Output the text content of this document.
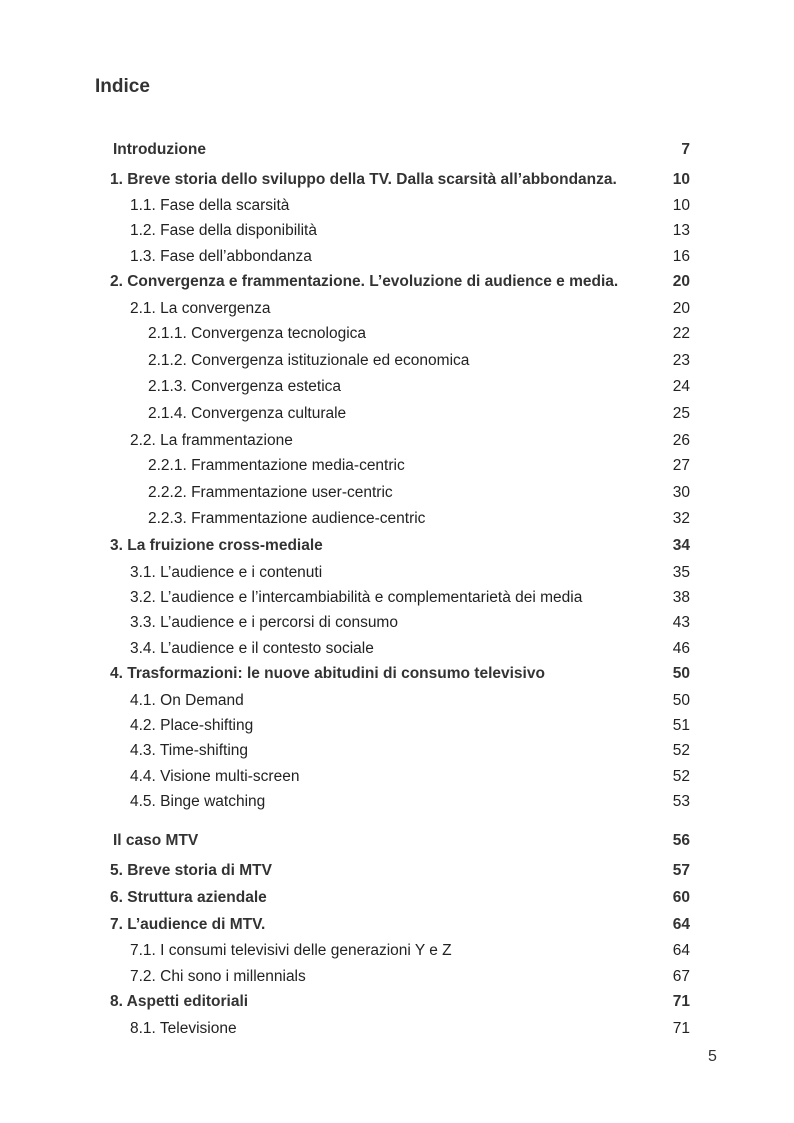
Indice
Introduzione	7
1. Breve storia dello sviluppo della TV. Dalla scarsità all’abbondanza.	10
1.1. Fase della scarsità	10
1.2. Fase della disponibilità	13
1.3. Fase dell’abbondanza	16
2. Convergenza e frammentazione. L’evoluzione di audience e media.	20
2.1. La convergenza	20
2.1.1. Convergenza tecnologica	22
2.1.2. Convergenza istituzionale ed economica	23
2.1.3. Convergenza estetica	24
2.1.4. Convergenza culturale	25
2.2. La frammentazione	26
2.2.1. Frammentazione media-centric	27
2.2.2. Frammentazione user-centric	30
2.2.3. Frammentazione audience-centric	32
3. La fruizione cross-mediale	34
3.1. L’audience e i contenuti	35
3.2. L’audience e l’intercambiabilità e complementarietà dei media	38
3.3. L’audience e i percorsi di consumo	43
3.4. L’audience e il contesto sociale	46
4. Trasformazioni: le nuove abitudini di consumo televisivo	50
4.1. On Demand	50
4.2. Place-shifting	51
4.3. Time-shifting	52
4.4. Visione multi-screen	52
4.5. Binge watching	53
Il caso MTV	56
5. Breve storia di MTV	57
6. Struttura aziendale	60
7. L’audience di MTV.	64
7.1. I consumi televisivi delle generazioni Y e Z	64
7.2. Chi sono i millennials	67
8. Aspetti editoriali	71
8.1. Televisione	71
5
